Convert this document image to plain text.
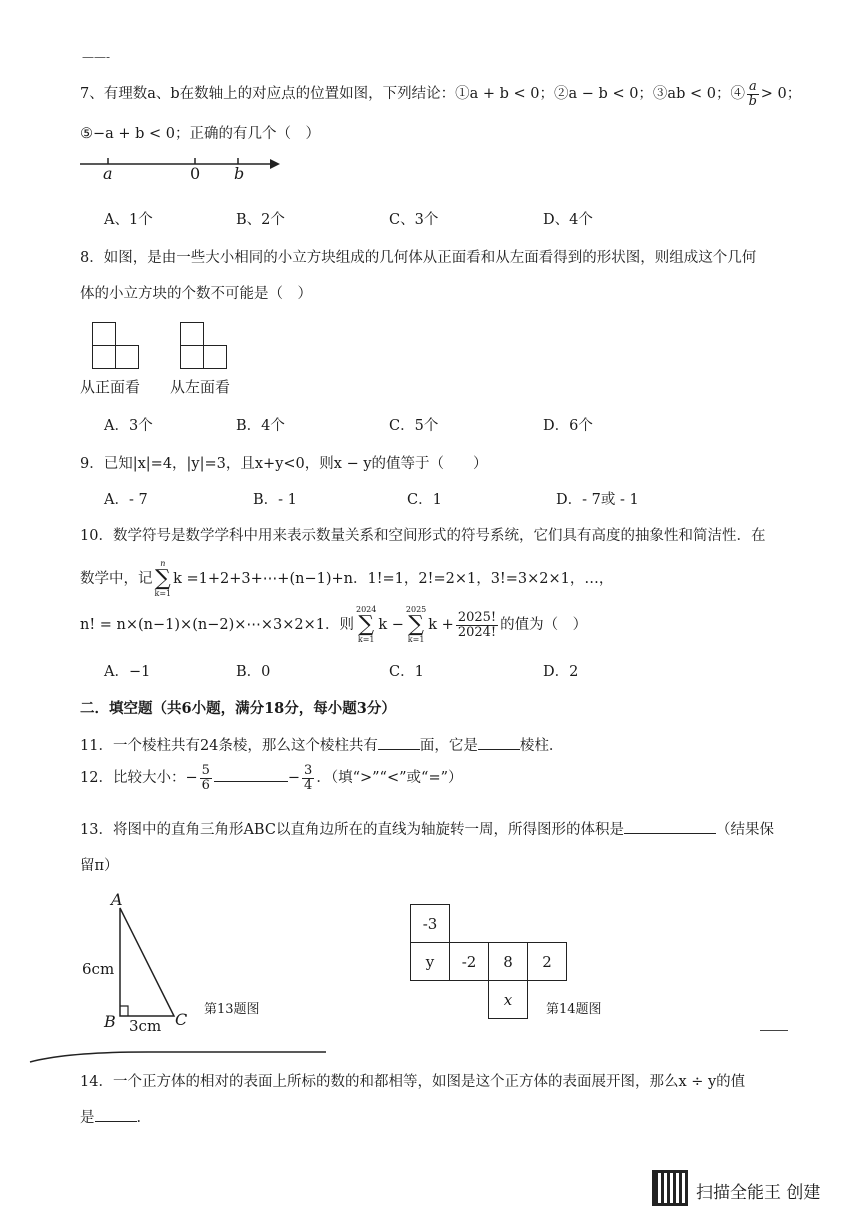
——-
7、有理数a、b在数轴上的对应点的位置如图，下列结论：①a + b < 0；②a − b < 0；③ab < 0；④ $\frac{a}{b} > 0$；
⑤−a + b < 0；正确的有几个（　）
a	0 b
A、1个	B、2个	C、3个	D、4个
8．如图，是由一些大小相同的小立方块组成的几何体从正面看和从左面看得到的形状图，则组成这个几何
体的小立方块的个数不可能是（　）
从正面看 从左面看
A．3个	B．4个	C．5个	D．6个
9．已知|x|=4，|y|=3，且x+y<0，则x − y的值等于（　　）
A．- 7	B．- 1	C．1	D．- 7或 - 1
10．数学符号是数学学科中用来表示数量关系和空间形式的符号系统，它们具有高度的抽象性和简洁性．在
数学中，记
n
∑
k=1
k =1+2+3+⋯+(n−1)+n．1!=1，2!=2×1，3!=3×2×1，…，
n! = n×(n−1)×(n−2)×⋯×3×2×1．则
2024
∑
k=1
k −
2025
∑
k=1
$k + \frac{2025!}{2024!}$ 的值为（　）
A．−1	B．0	C．1	D．2
二．填空题（共6小题，满分18分，每小题3分）
11．一个棱柱共有24条棱，那么这个棱柱共有	面，它是	棱柱．
12．比较大小：− $\frac{5}{6}$	− $\frac{3}{4}$ ．（填“>”“<”或“=”）
13．将图中的直角三角形ABC以直角边所在的直线为轴旋转一周，所得图形的体积是	（结果保
留π）
A
B	C
6cm
3cm
第13题图
-3
y	-2	8	2
x
第14题图
14．一个正方体的相对的表面上所标的数的和都相等，如图是这个正方体的表面展开图，那么x ÷ y的值
是	．
扫描全能王 创建
